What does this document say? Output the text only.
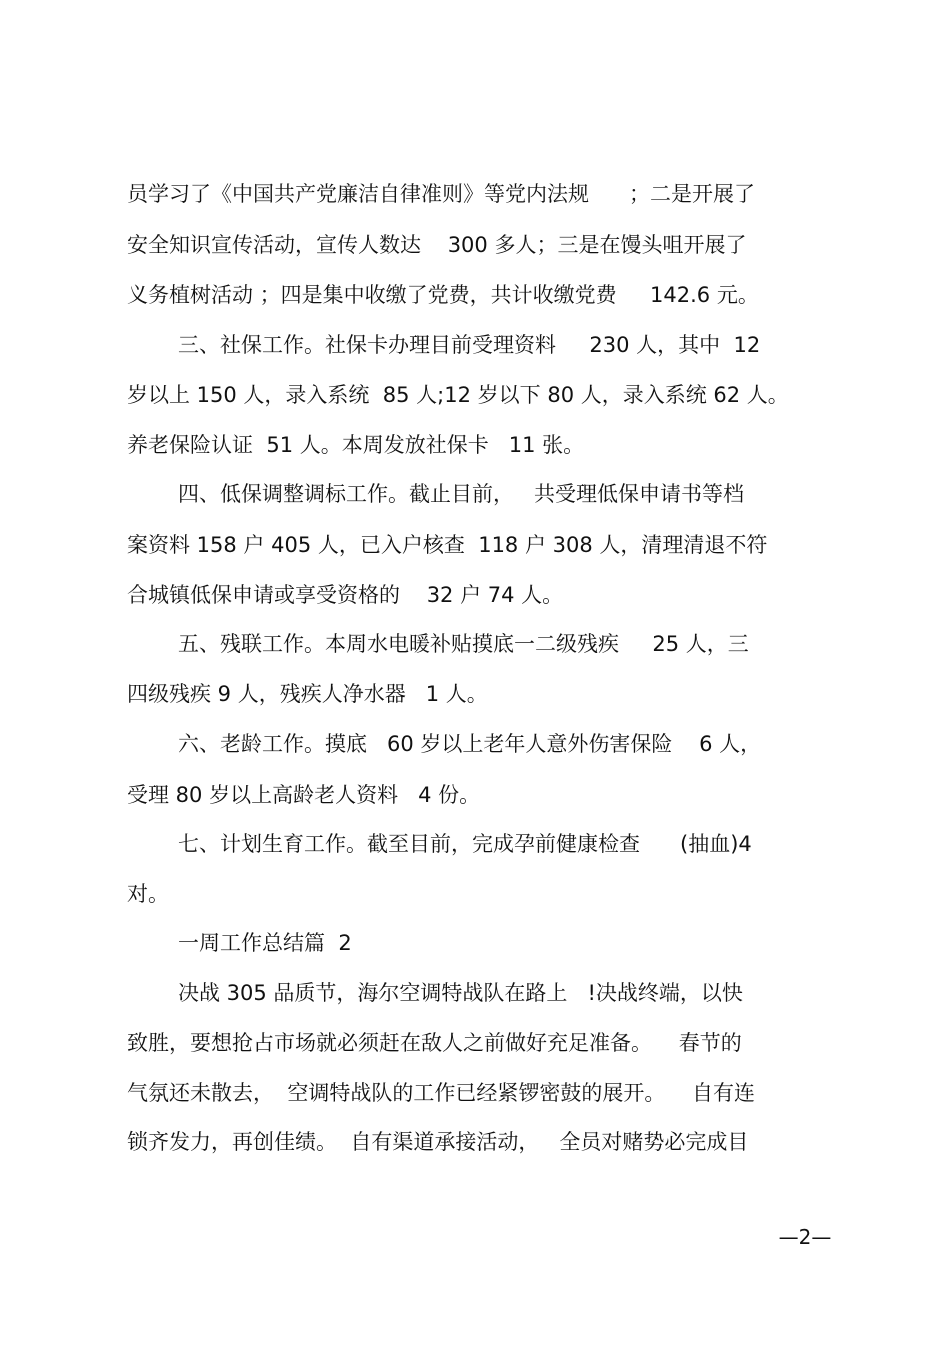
员学习了《中国共产党廉洁自律准则》等党内法规      ；二是开展了
安全知识宣传活动，宣传人数达    300 多人；三是在馒头咀开展了
义务植树活动 ；四是集中收缴了党费，共计收缴党费     142.6 元。
三、社保工作。社保卡办理目前受理资料     230 人，其中  12
岁以上 150 人，录入系统  85 人;12 岁以下 80 人，录入系统 62 人。
养老保险认证  51 人。本周发放社保卡   11 张。
四、低保调整调标工作。截止目前，   共受理低保申请书等档
案资料 158 户 405 人，已入户核查  118 户 308 人，清理清退不符
合城镇低保申请或享受资格的    32 户 74 人。
五、残联工作。本周水电暖补贴摸底一二级残疾     25 人，三
四级残疾 9 人，残疾人净水器   1 人。
六、老龄工作。摸底   60 岁以上老年人意外伤害保险    6 人，
受理 80 岁以上高龄老人资料   4 份。
七、计划生育工作。截至目前，完成孕前健康检查      (抽血)4
对。
一周工作总结篇  2
决战 305 品质节，海尔空调特战队在路上   !决战终端，以快
致胜，要想抢占市场就必须赶在敌人之前做好充足准备。    春节的
气氛还未散去，  空调特战队的工作已经紧锣密鼓的展开。    自有连
锁齐发力，再创佳绩。  自有渠道承接活动，   全员对赌势必完成目
—2—
